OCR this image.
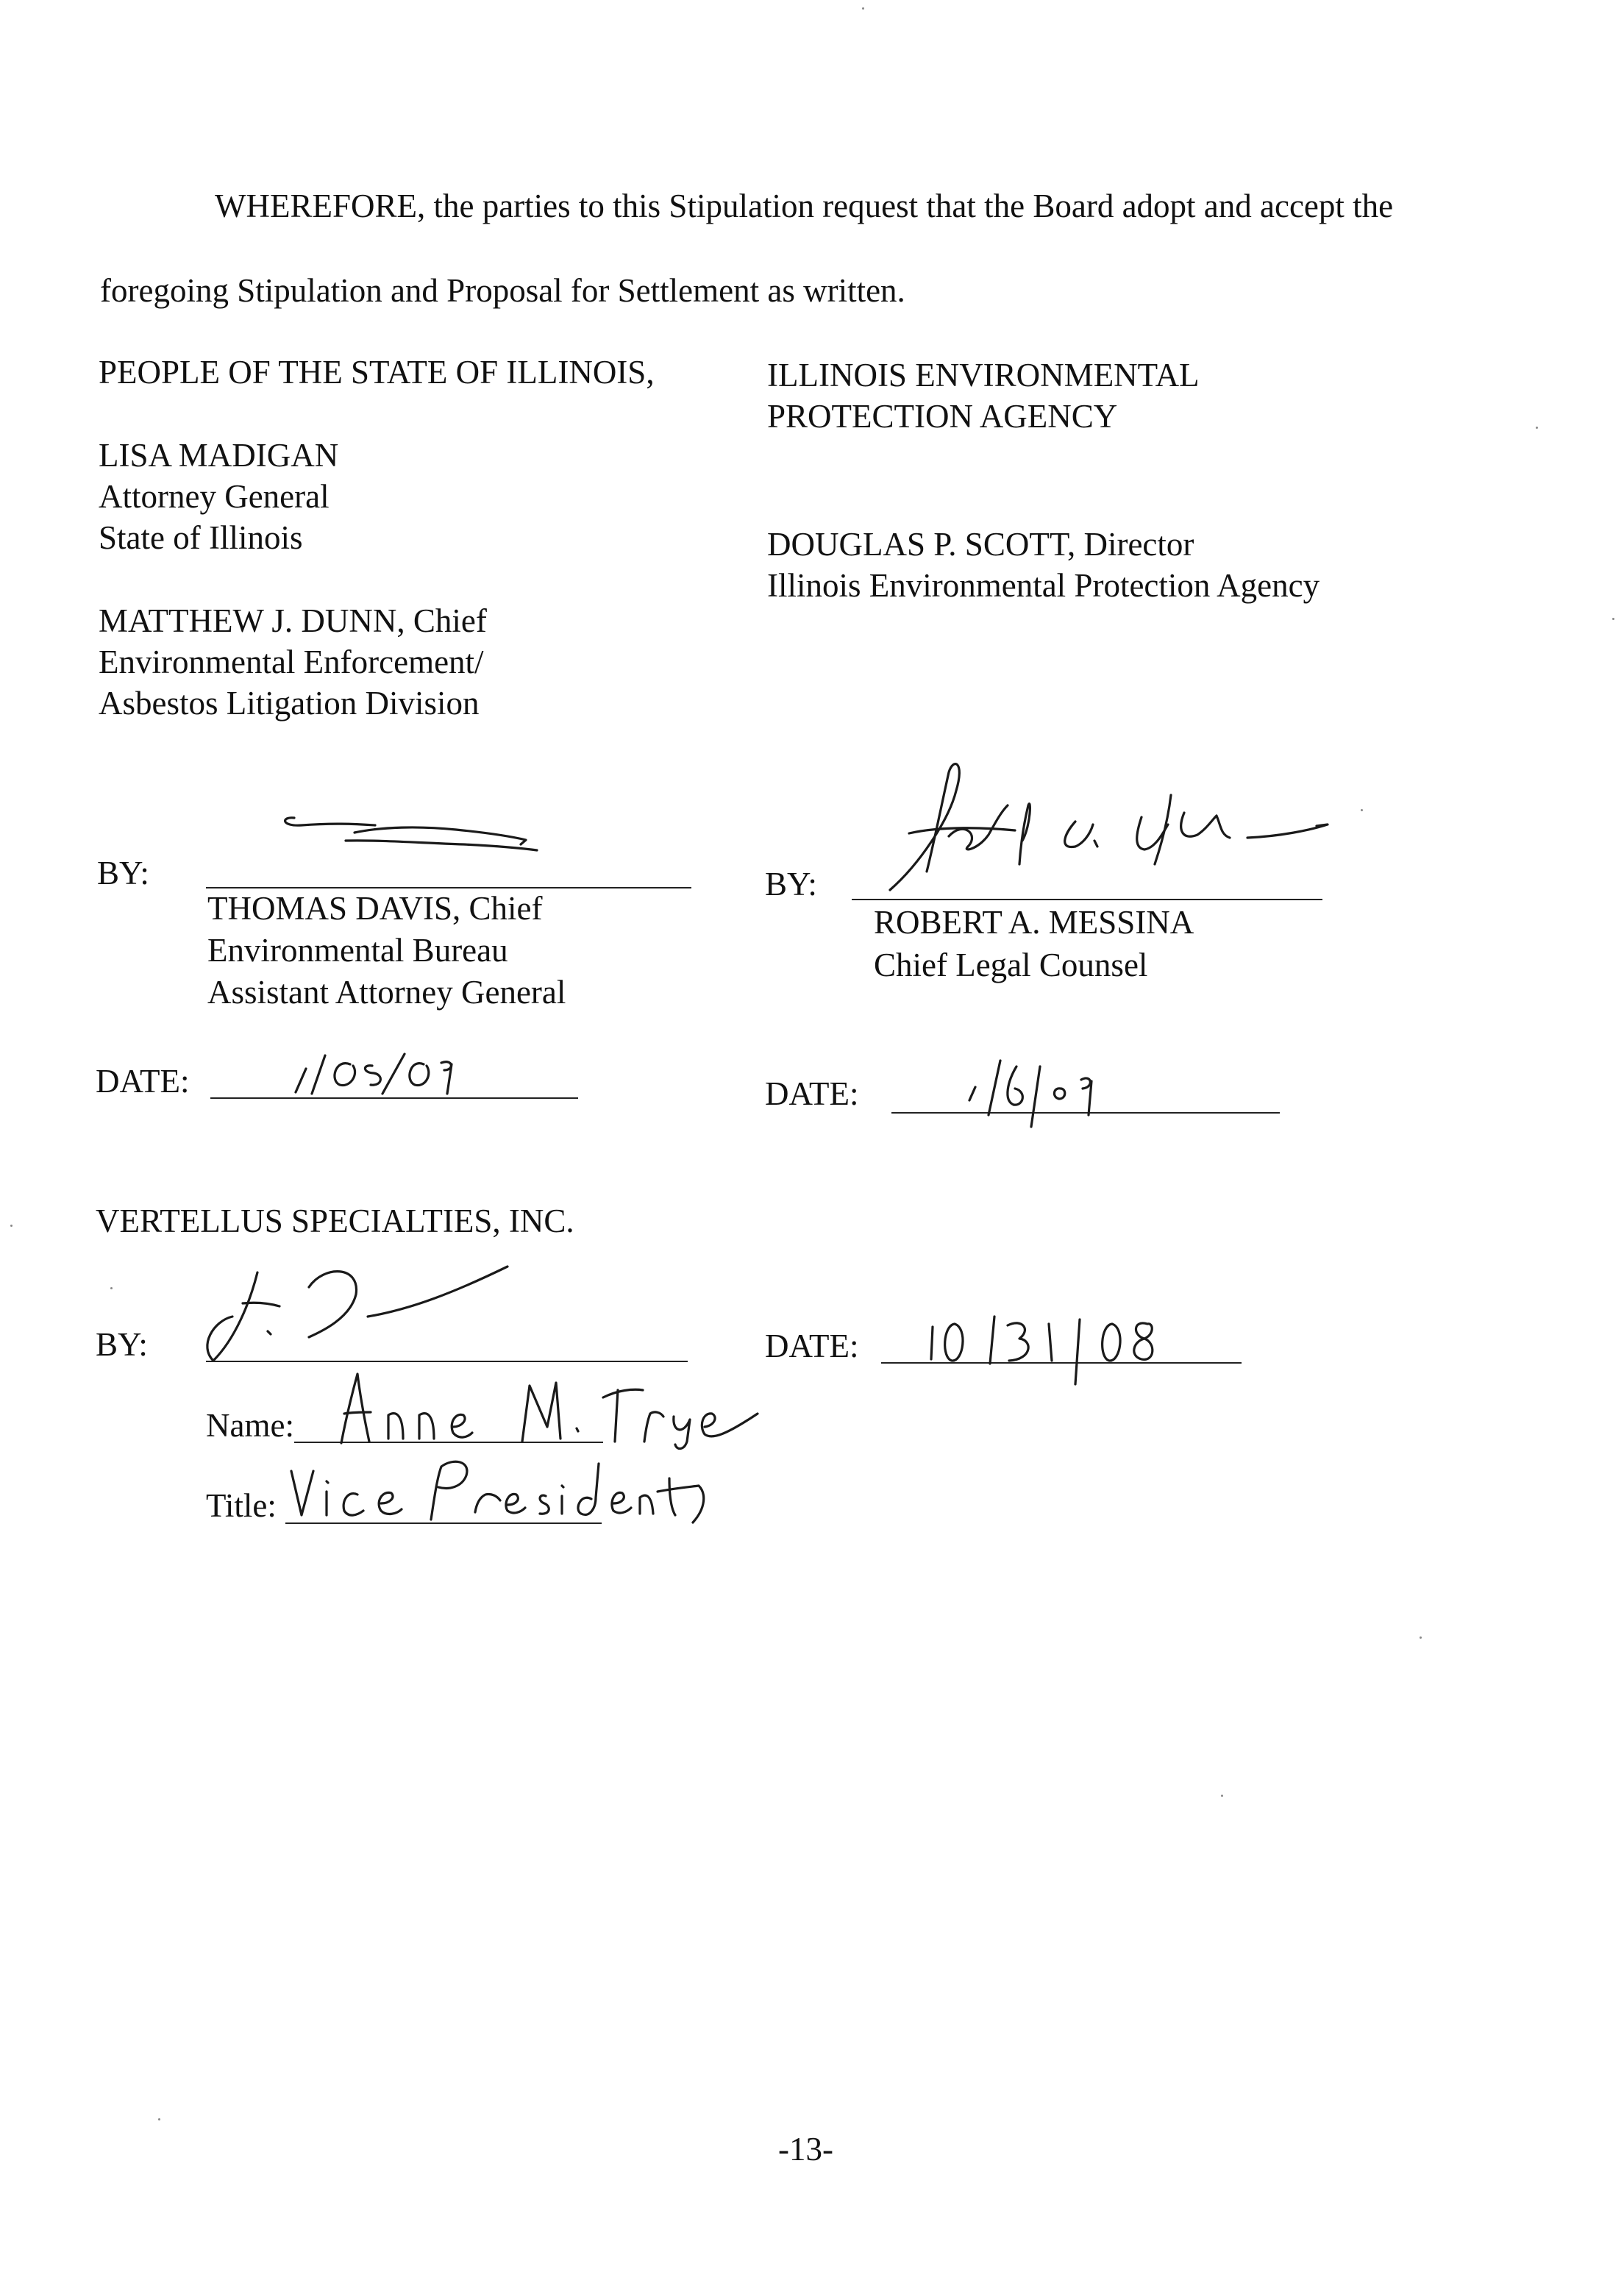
WHEREFORE, the parties to this Stipulation request that the Board adopt and accept the
foregoing Stipulation and Proposal for Settlement as written.
PEOPLE OF THE STATE OF ILLINOIS,
LISA MADIGAN
Attorney General
State of Illinois
MATTHEW J. DUNN, Chief
Environmental Enforcement/
Asbestos Litigation Division
ILLINOIS ENVIRONMENTAL
PROTECTION AGENCY
DOUGLAS P. SCOTT, Director
Illinois Environmental Protection Agency
BY:
THOMAS DAVIS, Chief
Environmental Bureau
Assistant Attorney General
DATE:
BY:
ROBERT A. MESSINA
Chief Legal Counsel
DATE:
VERTELLUS SPECIALTIES, INC.
BY:	DATE:
Name:
Title:
-13-
